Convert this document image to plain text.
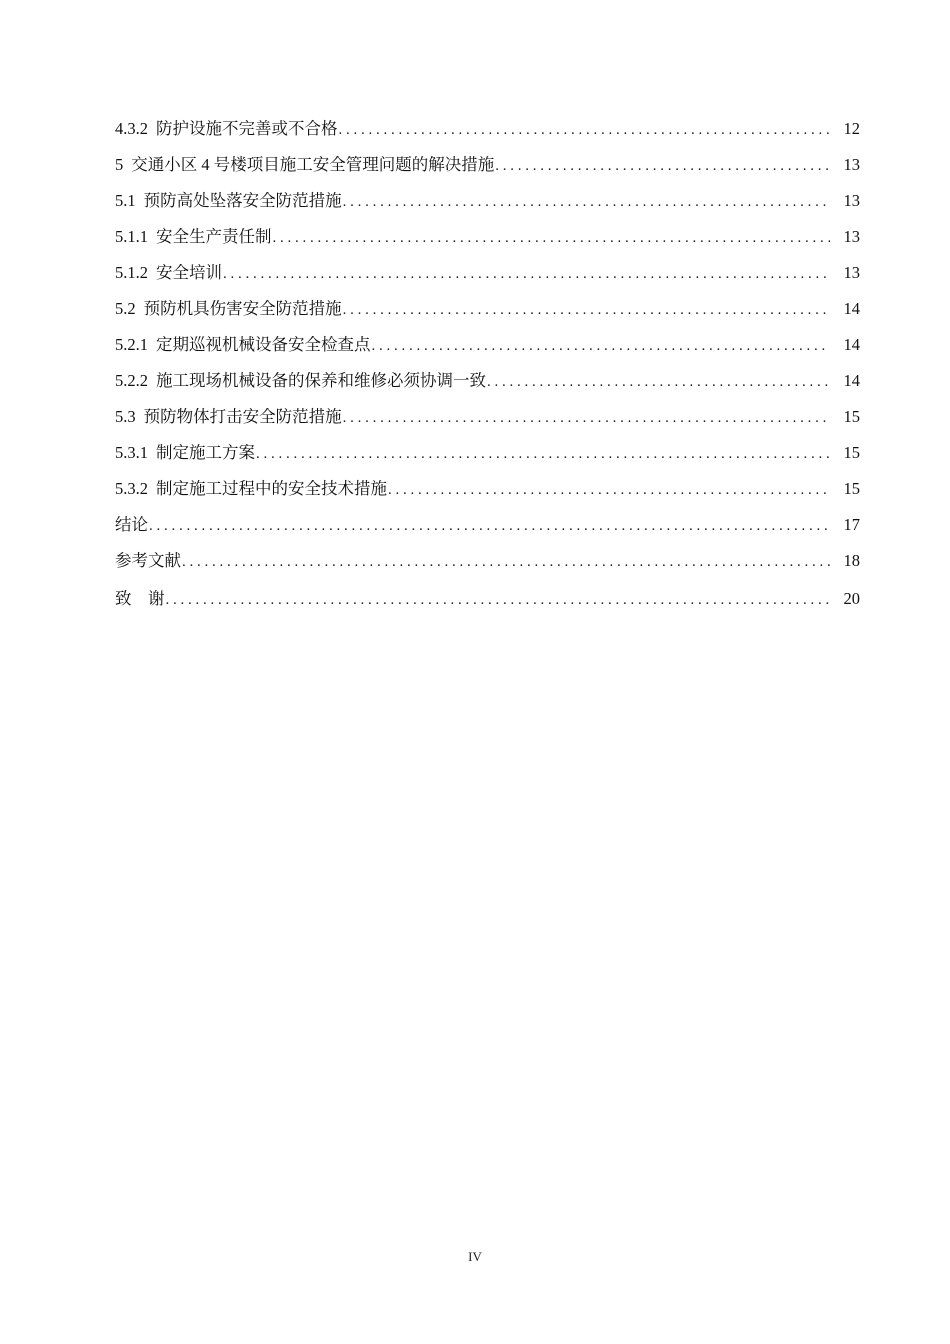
4.3.2 防护设施不完善或不合格 . . .	12
5 交通小区 4 号楼项目施工安全管理问题的解决措施 . . .	13
5.1 预防高处坠落安全防范措施 . . .	13
5.1.1 安全生产责任制 . . .	13
5.1.2 安全培训 . . .	13
5.2 预防机具伤害安全防范措施 . . .	14
5.2.1 定期巡视机械设备安全检查点 . . .	14
5.2.2 施工现场机械设备的保养和维修必须协调一致 . . .	14
5.3 预防物体打击安全防范措施 . . .	15
5.3.1 制定施工方案 . . .	15
5.3.2 制定施工过程中的安全技术措施 . . .	15
结论 . . .	17
参考文献 . . .	18
致　谢 . . .	20
IV
